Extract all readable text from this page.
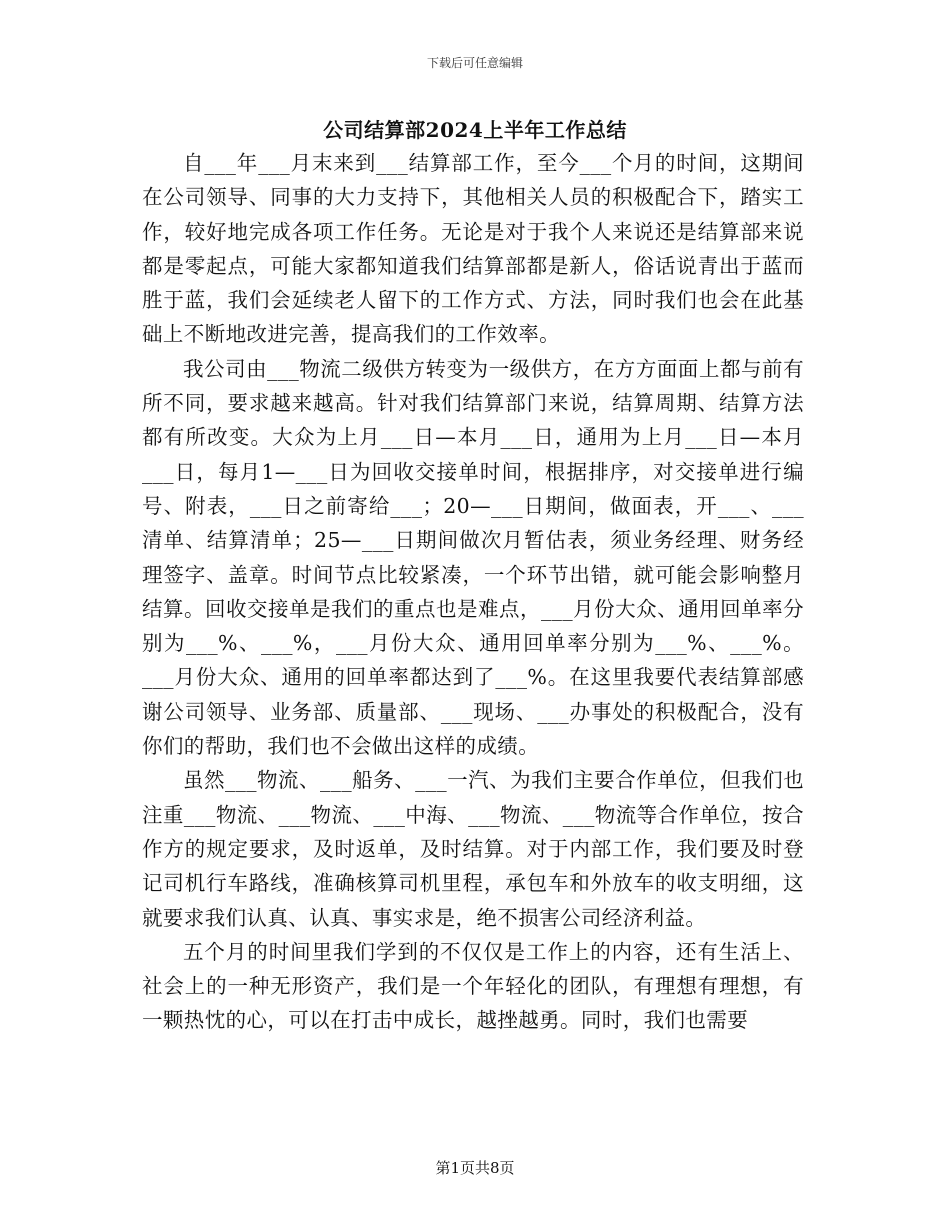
下载后可任意编辑
公司结算部2024上半年工作总结

自___年___月末来到___结算部工作，至今___个月的时间，这期间在公司领导、同事的大力支持下，其他相关人员的积极配合下，踏实工作，较好地完成各项工作任务。无论是对于我个人来说还是结算部来说都是零起点，可能大家都知道我们结算部都是新人，俗话说青出于蓝而胜于蓝，我们会延续老人留下的工作方式、方法，同时我们也会在此基础上不断地改进完善，提高我们的工作效率。

我公司由___物流二级供方转变为一级供方，在方方面面上都与前有所不同，要求越来越高。针对我们结算部门来说，结算周期、结算方法都有所改变。大众为上月___日—本月___日，通用为上月___日—本月___日，每月1—___日为回收交接单时间，根据排序，对交接单进行编号、附表，___日之前寄给___；20—___日期间，做面表，开___、___清单、结算清单；25—___日期间做次月暂估表，须业务经理、财务经理签字、盖章。时间节点比较紧凑，一个环节出错，就可能会影响整月结算。回收交接单是我们的重点也是难点，___月份大众、通用回单率分别为___%、___%，___月份大众、通用回单率分别为___%、___%。___月份大众、通用的回单率都达到了___%。在这里我要代表结算部感谢公司领导、业务部、质量部、___现场、___办事处的积极配合，没有你们的帮助，我们也不会做出这样的成绩。

虽然___物流、___船务、___一汽、为我们主要合作单位，但我们也注重___物流、___物流、___中海、___物流、___物流等合作单位，按合作方的规定要求，及时返单，及时结算。对于内部工作，我们要及时登记司机行车路线，准确核算司机里程，承包车和外放车的收支明细，这就要求我们认真、认真、事实求是，绝不损害公司经济利益。

五个月的时间里我们学到的不仅仅是工作上的内容，还有生活上、社会上的一种无形资产，我们是一个年轻化的团队，有理想有理想，有一颗热忱的心，可以在打击中成长，越挫越勇。同时，我们也需要

第1页共8页
